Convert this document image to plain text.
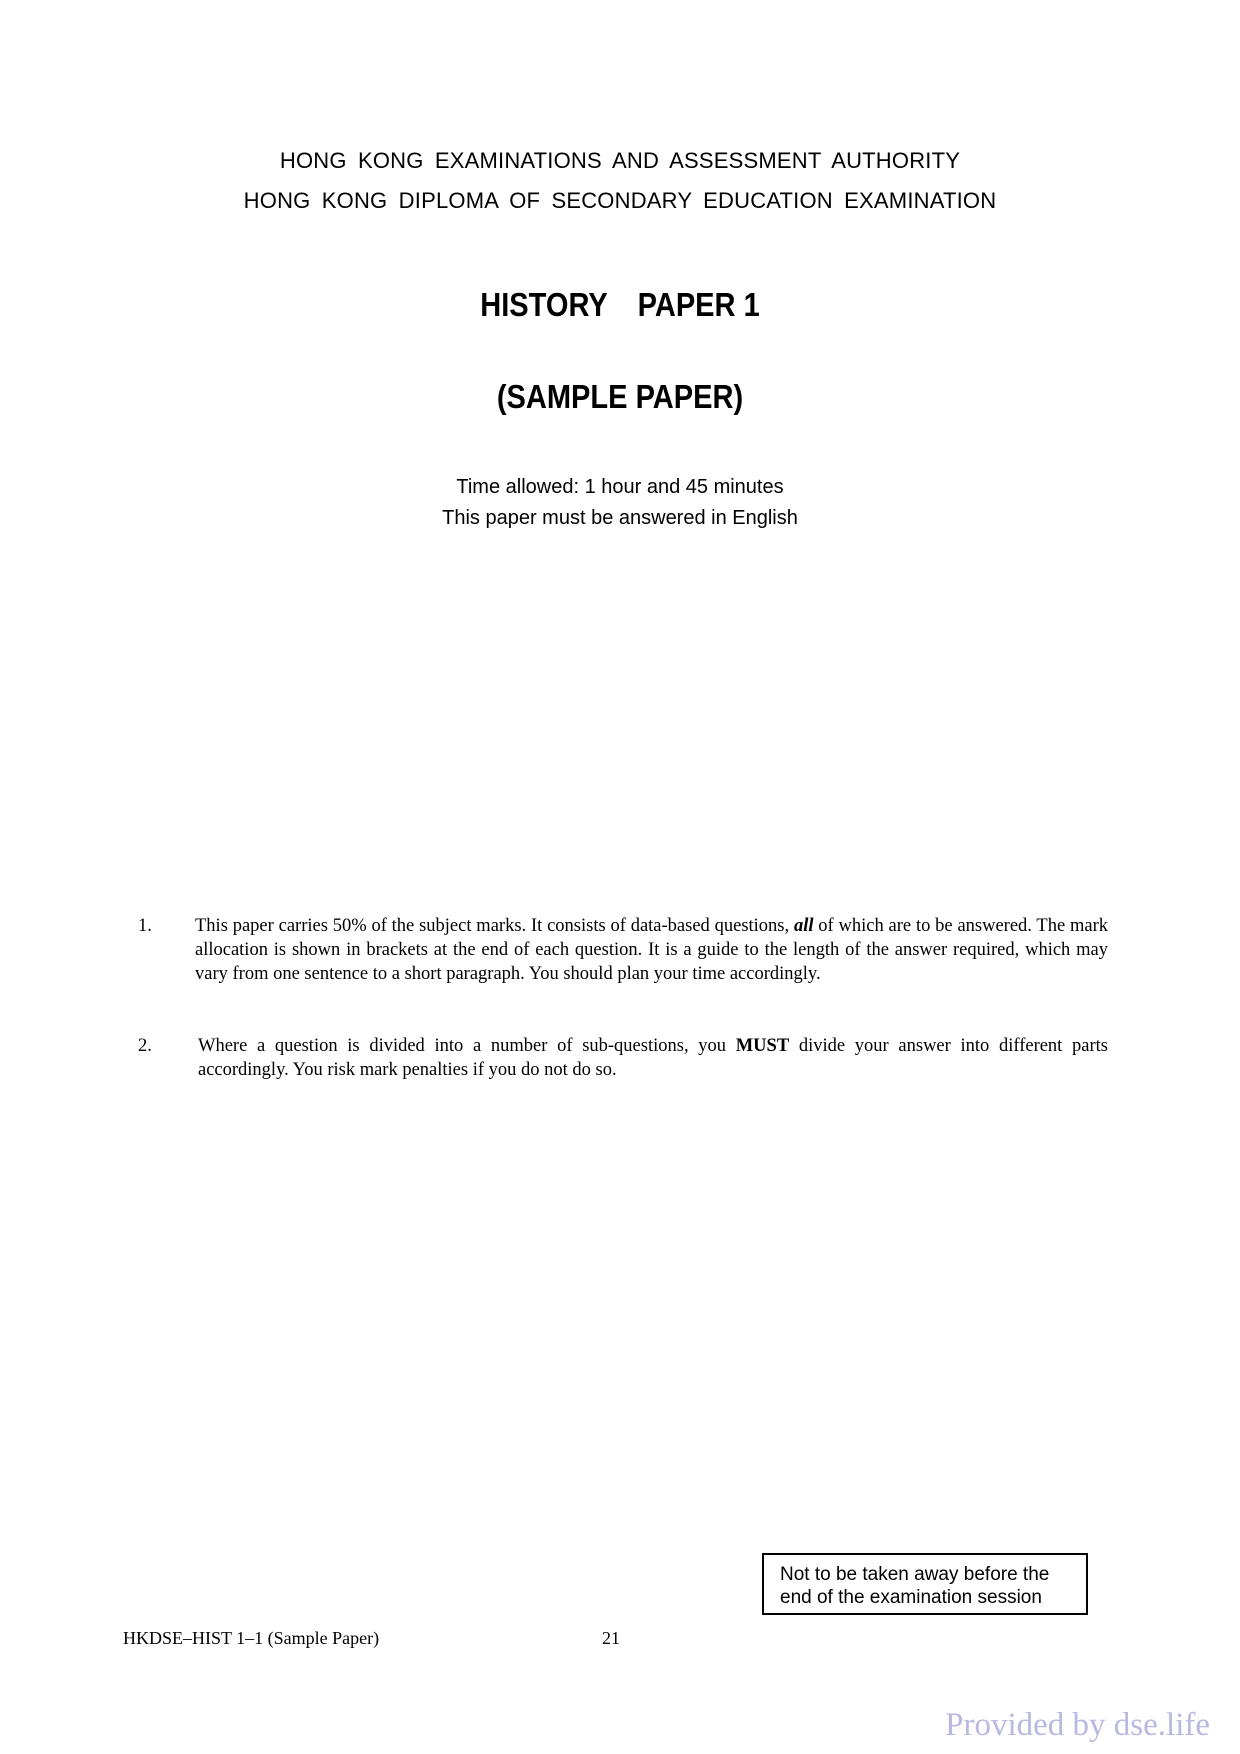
HONG KONG EXAMINATIONS AND ASSESSMENT AUTHORITY
HONG KONG DIPLOMA OF SECONDARY EDUCATION EXAMINATION
HISTORY PAPER 1
(SAMPLE PAPER)
Time allowed: 1 hour and 45 minutes
This paper must be answered in English
1. This paper carries 50% of the subject marks. It consists of data-based questions, all of which are to be answered. The mark allocation is shown in brackets at the end of each question. It is a guide to the length of the answer required, which may vary from one sentence to a short paragraph. You should plan your time accordingly.
2. Where a question is divided into a number of sub-questions, you MUST divide your answer into different parts accordingly. You risk mark penalties if you do not do so.
Not to be taken away before the
end of the examination session
HKDSE–HIST 1–1 (Sample Paper)	21
Provided by dse.life
